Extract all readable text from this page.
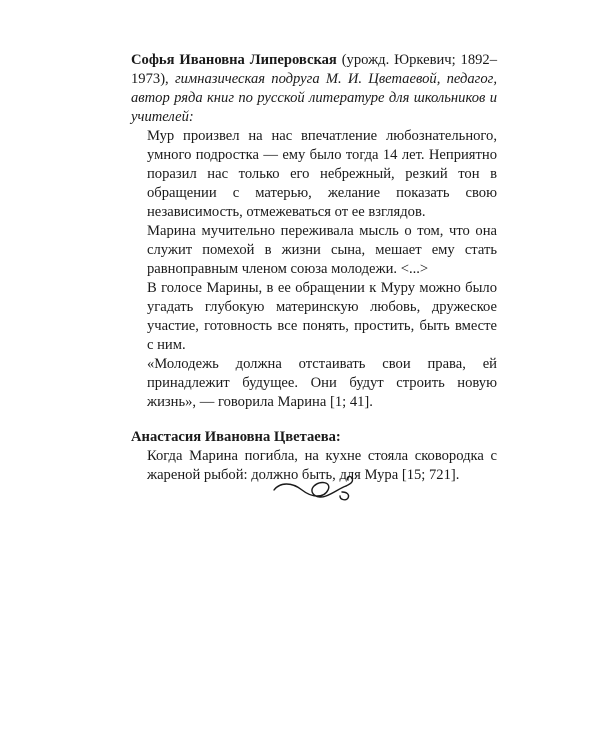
Софья Ивановна Липеровская (урожд. Юркевич; 1892–1973), гимназическая подруга М. И. Цветаевой, педагог, автор ряда книг по русской литературе для школьников и учителей:

Мур произвел на нас впечатление любознательного, умного подростка — ему было тогда 14 лет. Неприятно поразил нас только его небрежный, резкий тон в обращении с матерью, желание показать свою независимость, отмежеваться от ее взглядов.

Марина мучительно переживала мысль о том, что она служит помехой в жизни сына, мешает ему стать равноправным членом союза молодежи. <...>

В голосе Марины, в ее обращении к Муру можно было угадать глубокую материнскую любовь, дружеское участие, готовность все понять, простить, быть вместе с ним.

«Молодежь должна отстаивать свои права, ей принадлежит будущее. Они будут строить новую жизнь», — говорила Марина [1; 41].

Анастасия Ивановна Цветаева:

Когда Марина погибла, на кухне стояла сковородка с жареной рыбой: должно быть, для Мура [15; 721].
